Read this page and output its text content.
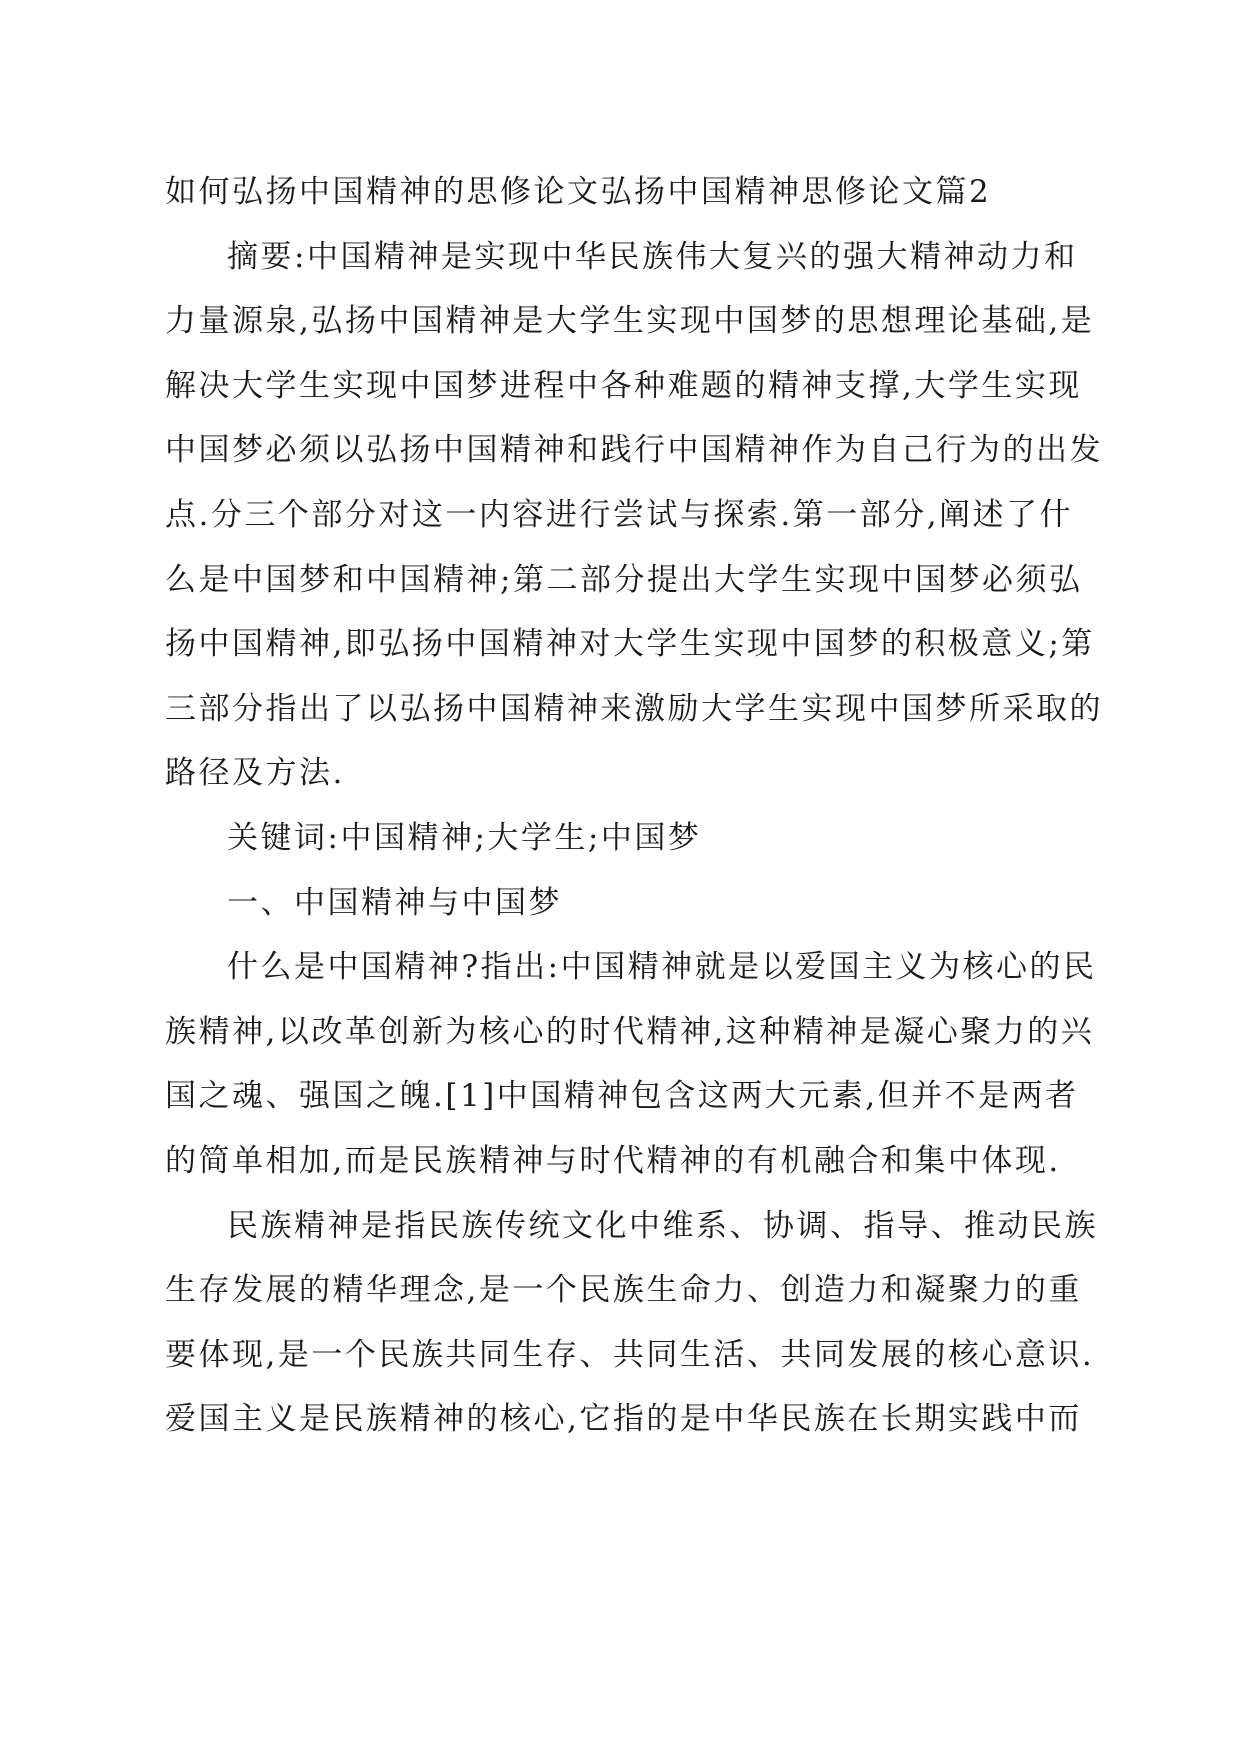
如何弘扬中国精神的思修论文弘扬中国精神思修论文篇2
摘要:中国精神是实现中华民族伟大复兴的强大精神动力和
力量源泉,弘扬中国精神是大学生实现中国梦的思想理论基础,是
解决大学生实现中国梦进程中各种难题的精神支撑,大学生实现
中国梦必须以弘扬中国精神和践行中国精神作为自己行为的出发
点.分三个部分对这一内容进行尝试与探索.第一部分,阐述了什
么是中国梦和中国精神;第二部分提出大学生实现中国梦必须弘
扬中国精神,即弘扬中国精神对大学生实现中国梦的积极意义;第
三部分指出了以弘扬中国精神来激励大学生实现中国梦所采取的
路径及方法.
关键词:中国精神;大学生;中国梦
一、中国精神与中国梦
什么是中国精神?指出:中国精神就是以爱国主义为核心的民
族精神,以改革创新为核心的时代精神,这种精神是凝心聚力的兴
国之魂、强国之魄.[1]中国精神包含这两大元素,但并不是两者
的简单相加,而是民族精神与时代精神的有机融合和集中体现.
民族精神是指民族传统文化中维系、协调、指导、推动民族
生存发展的精华理念,是一个民族生命力、创造力和凝聚力的重
要体现,是一个民族共同生存、共同生活、共同发展的核心意识.
爱国主义是民族精神的核心,它指的是中华民族在长期实践中而
